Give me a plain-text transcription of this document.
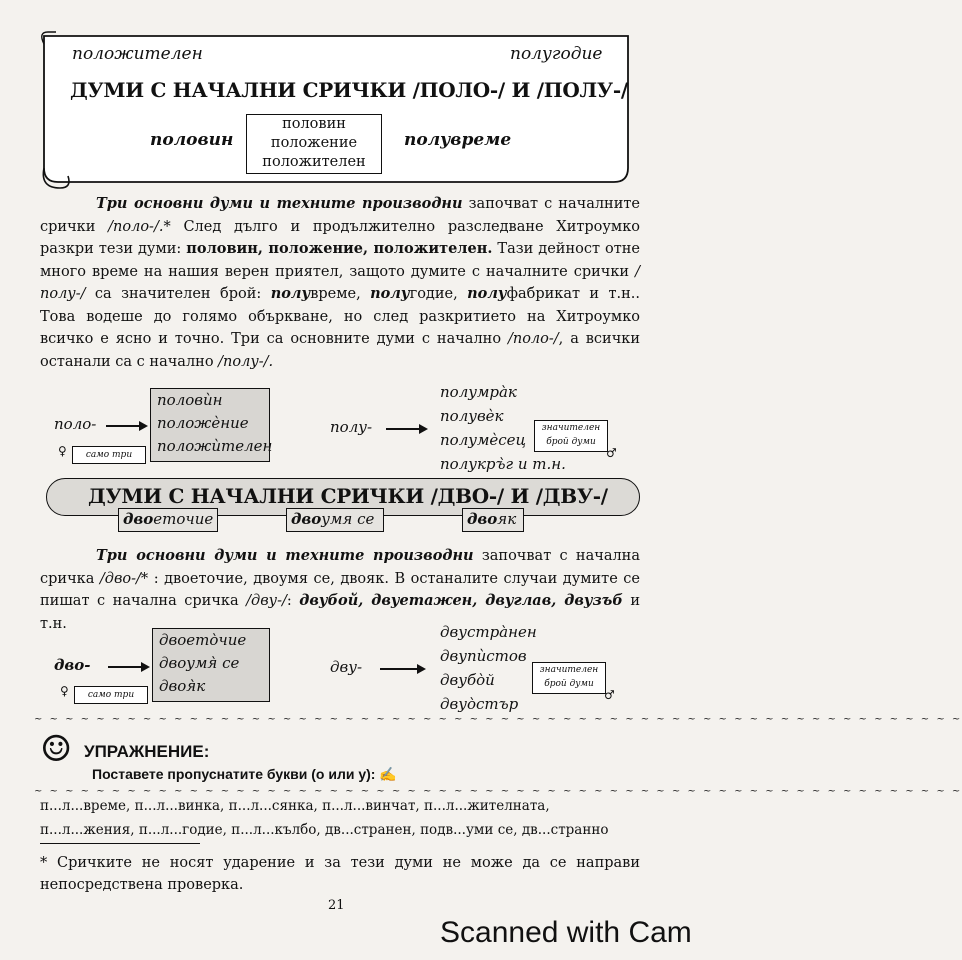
положителен	полугодие
ДУМИ С НАЧАЛНИ СРИЧКИ /ПОЛО-/ И /ПОЛУ-/
половин	полувреме
половин
положение
положителен
Три основни думи и техните производни започват с началните срички /поло-/.* След дълго и продължително разследване Хитроумко разкри тези думи: половин, положение, положителен. Тази дейност отне много време на нашия верен приятел, защото думите с началните срички /полу-/ са значителен брой: полувреме, полугодие, полуфабрикат и т.н.. Това водеше до голямо объркване, но след разкритието на Хитроумко всичко е ясно и точно. Три са основните думи с начално /поло-/, а всички останали са с начално /полу-/.
поло-
половѝн
положѐние
положѝтелен
♀	само три
полу-
полумра̀к
полувѐк
полумѐсец
полукръ̀г и т.н.
значителен
брой думи
♂
ДУМИ С НАЧАЛНИ СРИЧКИ /ДВО-/ И /ДВУ-/
двоеточие	двоумя се	двояк
Три основни думи и техните производни започват с начална сричка /дво-/* : двоеточие, двоумя се, двояк. В останалите случаи думите се пишат с начална сричка /дву-/: двубой, двуетажен, двуглав, двузъб и т.н.
дво-
двоето̀чие
двоумя̀ се
двоя̀к
♀	само три
дву-
двустра̀нен
двупѝстов
двубо̀й
двуо̀стър
значителен
брой думи
♂
~ ~ ~ ~ ~ ~ ~ ~ ~ ~ ~ ~ ~ ~ ~ ~ ~ ~ ~ ~ ~ ~ ~ ~ ~ ~ ~ ~ ~ ~ ~ ~ ~ ~ ~ ~ ~ ~ ~ ~ ~ ~ ~ ~ ~ ~ ~ ~ ~ ~ ~ ~ ~ ~ ~ ~ ~ ~ ~ ~
☺ УПРАЖНЕНИЕ:
Поставете пропуснатите букви (о или у): ✍
~ ~ ~ ~ ~ ~ ~ ~ ~ ~ ~ ~ ~ ~ ~ ~ ~ ~ ~ ~ ~ ~ ~ ~ ~ ~ ~ ~ ~ ~ ~ ~ ~ ~ ~ ~ ~ ~ ~ ~ ~ ~ ~ ~ ~ ~ ~ ~ ~ ~ ~ ~ ~ ~ ~ ~ ~ ~ ~ ~
п...л...време, п...л...винка, п...л...сянка, п...л...винчат, п...л...жителната,
п...л...жения, п...л...годие, п...л...кълбо, дв...странен, подв...уми се, дв...странно
* Сричките не носят ударение и за тези думи не може да се направи непосредствена проверка.
21
Scanned with Cam
